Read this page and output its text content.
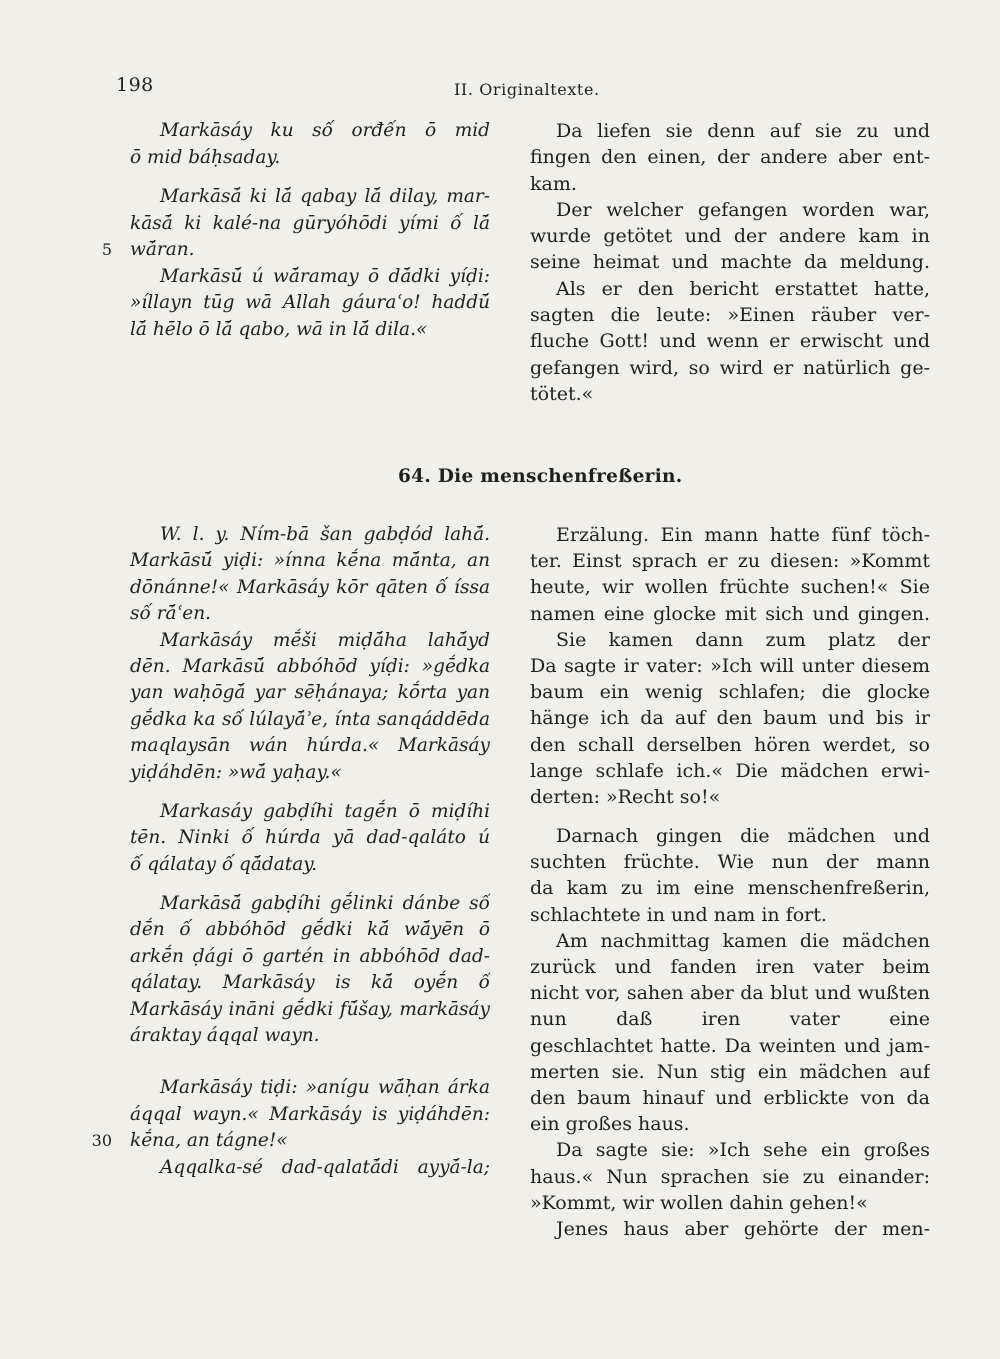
198	II. Originaltexte.
Markāsáy ku số orđến ō mid
ō mid báḥsaday.
Markāsā́ ki lā́ qabay lā́ dilay, mar-
kāsā́ ki kalé-na gūryóhōdi yími ố lā́
wā́ran.
5
Markāsū́ ú wā́ramay ō dā́dki yíḍi:
»íllayn tūg wā Allah gáuraʿo! haddū́
lā́ hēlo ō lā́ qabo, wā in lā́ dila.«
Da liefen sie denn auf sie zu und
fingen den einen, der andere aber ent-
kam.
Der welcher gefangen worden war,
wurde getötet und der andere kam in
seine heimat und machte da meldung.
Als er den bericht erstattet hatte,
sagten die leute: »Einen räuber ver-
fluche Gott! und wenn er erwischt und
gefangen wird, so wird er natürlich ge-
tötet.«
64. Die menschenfreßerin.
W. l. y. Ním-bā šan gabḍód lahā́.
Markāsū́ yiḍi: »ínna kḗna mā́nta, an
dōnánne!« Markāsáy kōr qāten ố íssa
số rā́ʿen.
Markāsáy mḗši miḍā́ha lahā́yd
dēn. Markāsū́ abbóhōd yíḍi: »gḗdka
yan waḥōgā́ yar sēḥánaya; kṓrta yan
gḗdka ka số lúlayā́ʾe, ínta sanqáddēda
maqlaysān wán húrda.« Markāsáy
yiḍáhdēn: »wā́ yaḥay.«
Markasáy gabḍíhi tagḗn ō miḍíhi
tēn. Ninki ố húrda yā dad-qaláto ú
ố qálatay ố qā́datay.
Markāsā́ gabḍíhi gḗlinki dánbe số
dḗn ố abbóhōd gḗdki kā́ wā́yēn ō
arkḗn ḍági ō gartén in abbóhōd dad-
qálatay. Markāsáy is kā́ oyḗn ố
Markāsáy ināni gḗdki fū́šay, markāsáy
áraktay áqqal wayn.
Markāsáy tiḍi: »anígu wā́ḥan árka
áqqal wayn.« Markāsáy is yiḍáhdēn:
kḗna, an tágne!«
30
Aqqalka-sé dad-qalatā́di ayyā́-la;
Erzälung. Ein mann hatte fünf töch-
ter. Einst sprach er zu diesen: »Kommt
heute, wir wollen früchte suchen!« Sie
namen eine glocke mit sich und gingen.
Sie kamen dann zum platz der
Da sagte ir vater: »Ich will unter diesem
baum ein wenig schlafen; die glocke
hänge ich da auf den baum und bis ir
den schall derselben hören werdet, so
lange schlafe ich.« Die mädchen erwi-
derten: »Recht so!«
Darnach gingen die mädchen und
suchten früchte. Wie nun der mann
da kam zu im eine menschenfreßerin,
schlachtete in und nam in fort.
Am nachmittag kamen die mädchen
zurück und fanden iren vater beim
nicht vor, sahen aber da blut und wußten
nun daß iren vater eine
geschlachtet hatte. Da weinten und jam-
merten sie. Nun stig ein mädchen auf
den baum hinauf und erblickte von da
ein großes haus.
Da sagte sie: »Ich sehe ein großes
haus.« Nun sprachen sie zu einander:
»Kommt, wir wollen dahin gehen!«
Jenes haus aber gehörte der men-
